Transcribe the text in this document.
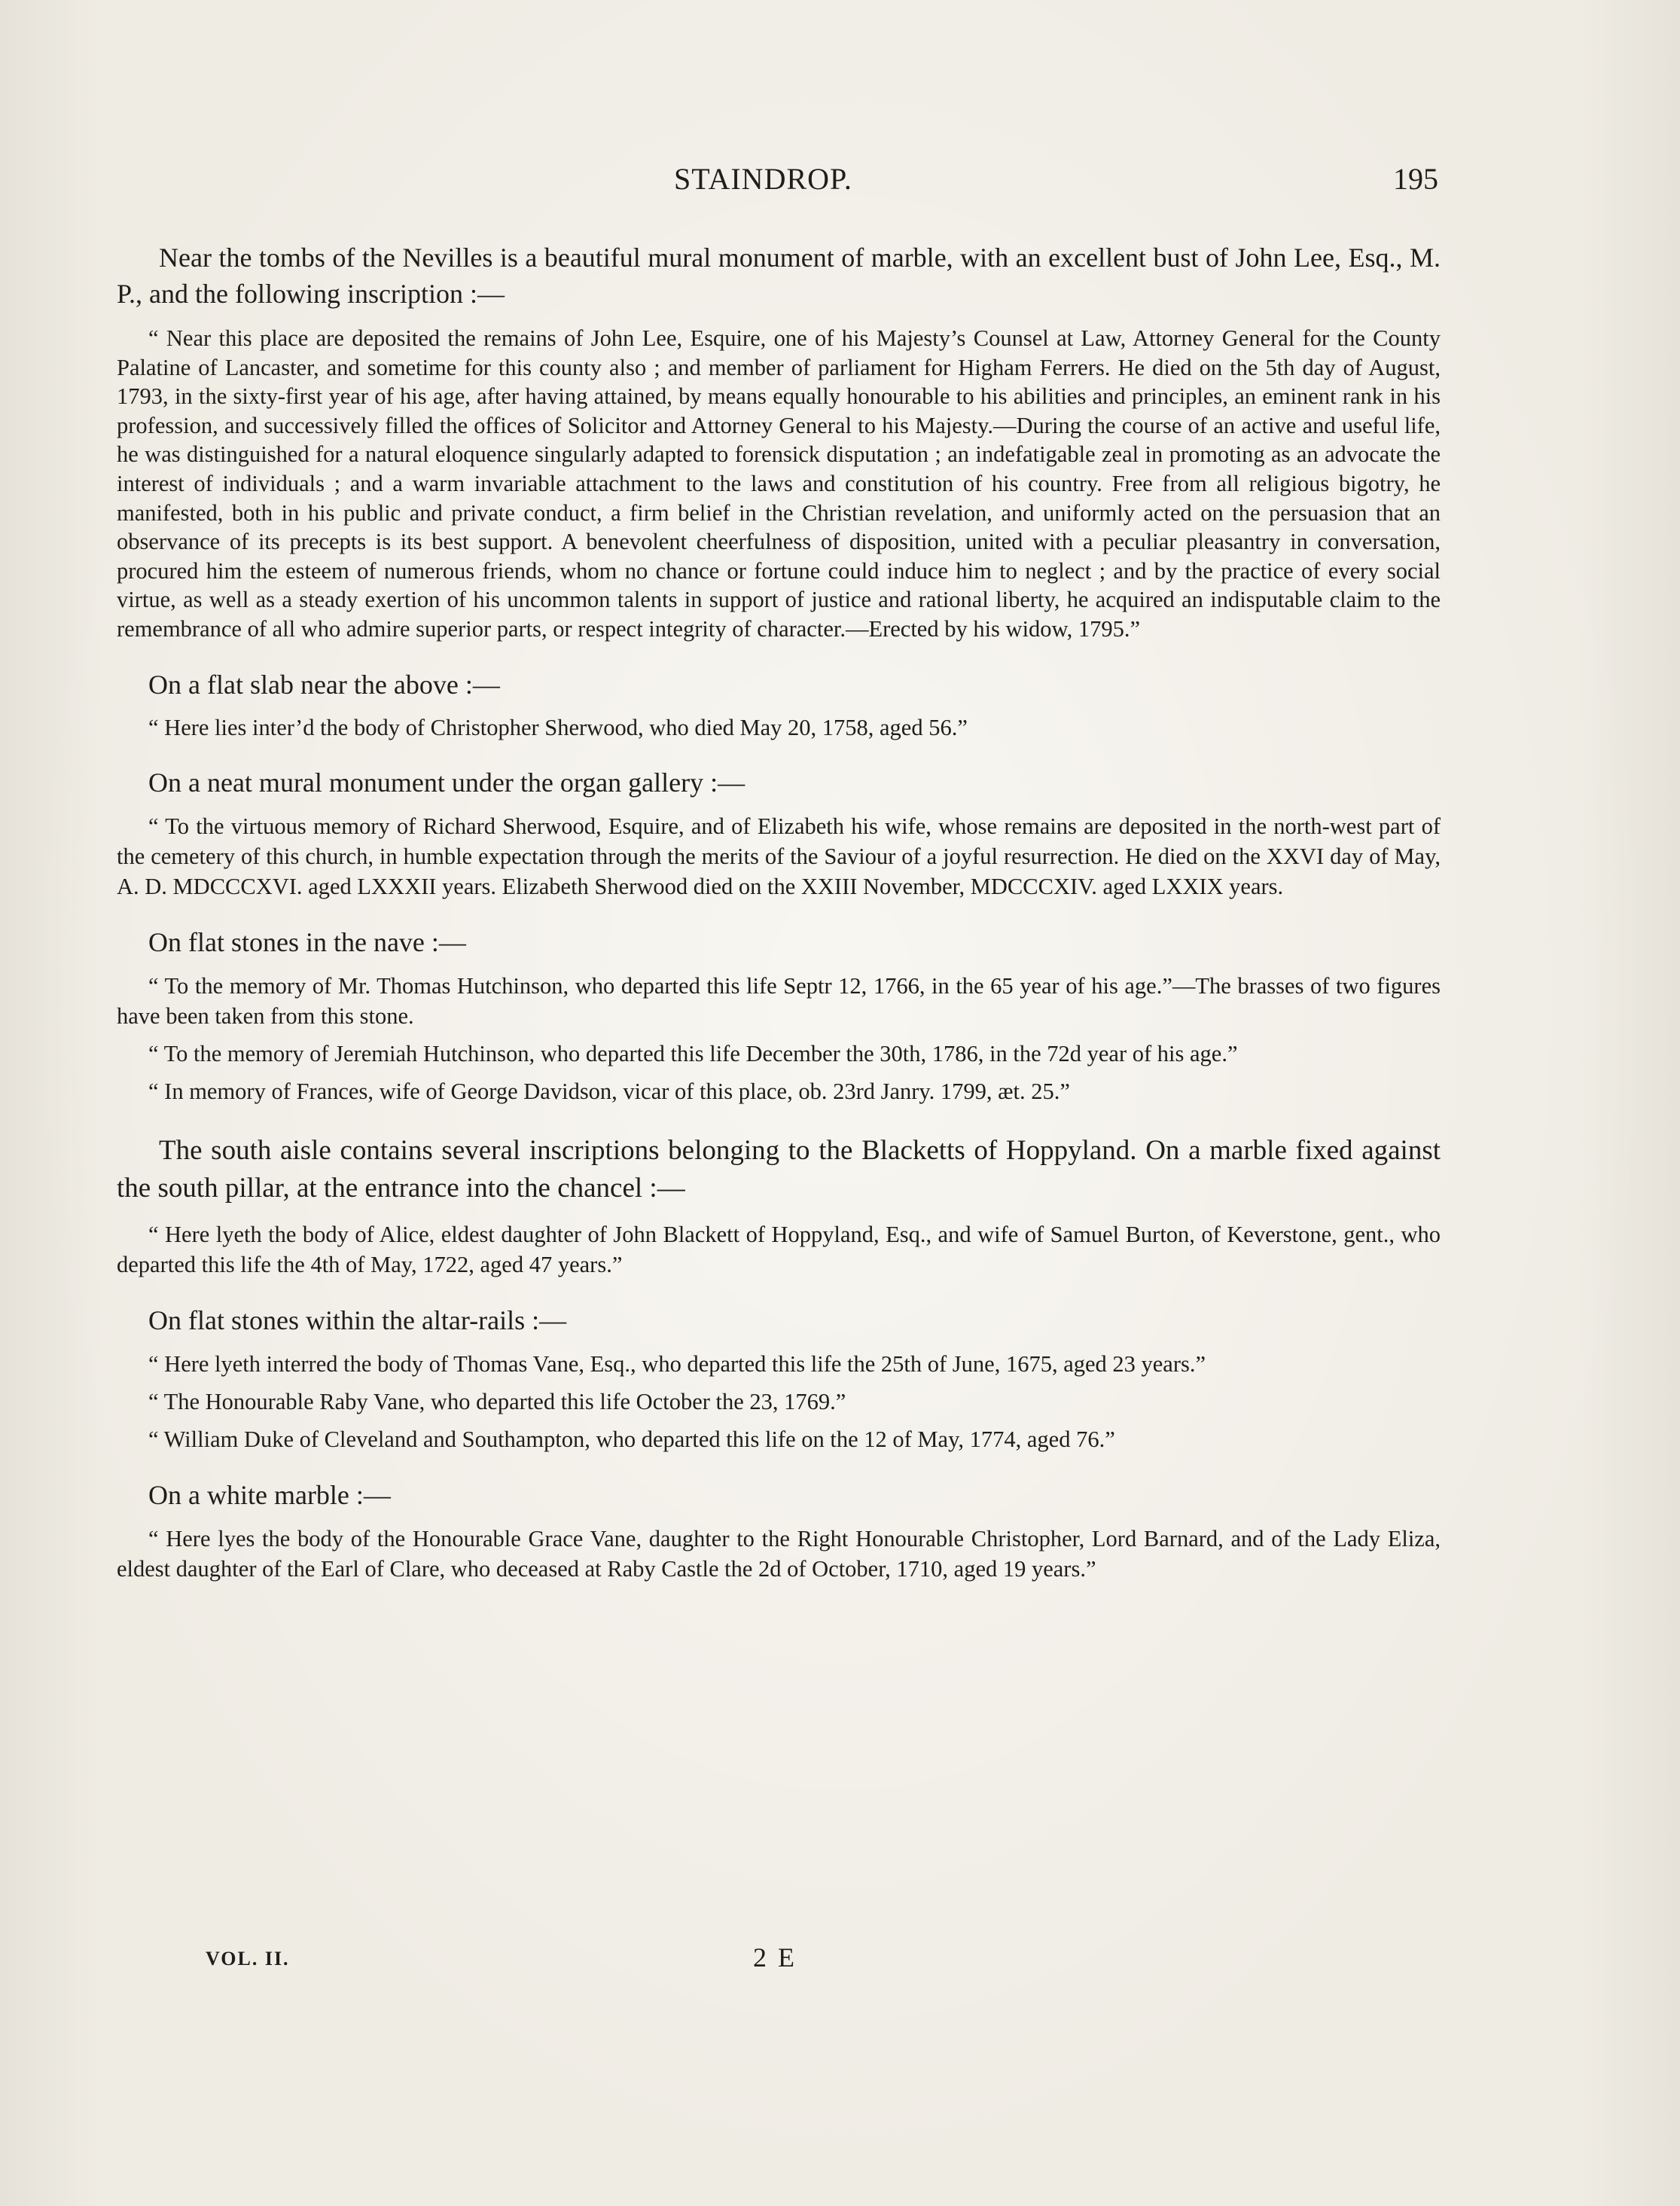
STAINDROP.	195

Near the tombs of the Nevilles is a beautiful mural monument of marble, with an excellent bust of John Lee, Esq., M. P., and the following inscription :—

“ Near this place are deposited the remains of John Lee, Esquire, one of his Majesty’s Counsel at Law, Attorney General for the County Palatine of Lancaster, and sometime for this county also ; and member of parliament for Higham Ferrers. He died on the 5th day of August, 1793, in the sixty-first year of his age, after having attained, by means equally honourable to his abilities and principles, an eminent rank in his profession, and successively filled the offices of Solicitor and Attorney General to his Majesty.—During the course of an active and useful life, he was distinguished for a natural eloquence singularly adapted to forensick disputation ; an indefatigable zeal in promoting as an advocate the interest of individuals ; and a warm invariable attachment to the laws and constitution of his country. Free from all religious bigotry, he manifested, both in his public and private conduct, a firm belief in the Christian revelation, and uniformly acted on the persuasion that an observance of its precepts is its best support. A benevolent cheerfulness of disposition, united with a peculiar pleasantry in conversation, procured him the esteem of numerous friends, whom no chance or fortune could induce him to neglect ; and by the practice of every social virtue, as well as a steady exertion of his uncommon talents in support of justice and rational liberty, he acquired an indisputable claim to the remembrance of all who admire superior parts, or respect integrity of character.—Erected by his widow, 1795.”

On a flat slab near the above :—

“ Here lies inter’d the body of Christopher Sherwood, who died May 20, 1758, aged 56.”

On a neat mural monument under the organ gallery :—

“ To the virtuous memory of Richard Sherwood, Esquire, and of Elizabeth his wife, whose remains are deposited in the north-west part of the cemetery of this church, in humble expectation through the merits of the Saviour of a joyful resurrection. He died on the XXVI day of May, A. D. MDCCCXVI. aged LXXXII years. Elizabeth Sherwood died on the XXIII November, MDCCCXIV. aged LXXIX years.

On flat stones in the nave :—

“ To the memory of Mr. Thomas Hutchinson, who departed this life Septr 12, 1766, in the 65 year of his age.”—The brasses of two figures have been taken from this stone.

“ To the memory of Jeremiah Hutchinson, who departed this life December the 30th, 1786, in the 72d year of his age.”

“ In memory of Frances, wife of George Davidson, vicar of this place, ob. 23rd Janry. 1799, æt. 25.”

The south aisle contains several inscriptions belonging to the Blacketts of Hoppyland. On a marble fixed against the south pillar, at the entrance into the chancel :—

“ Here lyeth the body of Alice, eldest daughter of John Blackett of Hoppyland, Esq., and wife of Samuel Burton, of Keverstone, gent., who departed this life the 4th of May, 1722, aged 47 years.”

On flat stones within the altar-rails :—

“ Here lyeth interred the body of Thomas Vane, Esq., who departed this life the 25th of June, 1675, aged 23 years.”

“ The Honourable Raby Vane, who departed this life October the 23, 1769.”

“ William Duke of Cleveland and Southampton, who departed this life on the 12 of May, 1774, aged 76.”

On a white marble :—

“ Here lyes the body of the Honourable Grace Vane, daughter to the Right Honourable Christopher, Lord Barnard, and of the Lady Eliza, eldest daughter of the Earl of Clare, who deceased at Raby Castle the 2d of October, 1710, aged 19 years.”

VOL. II.	2 E
